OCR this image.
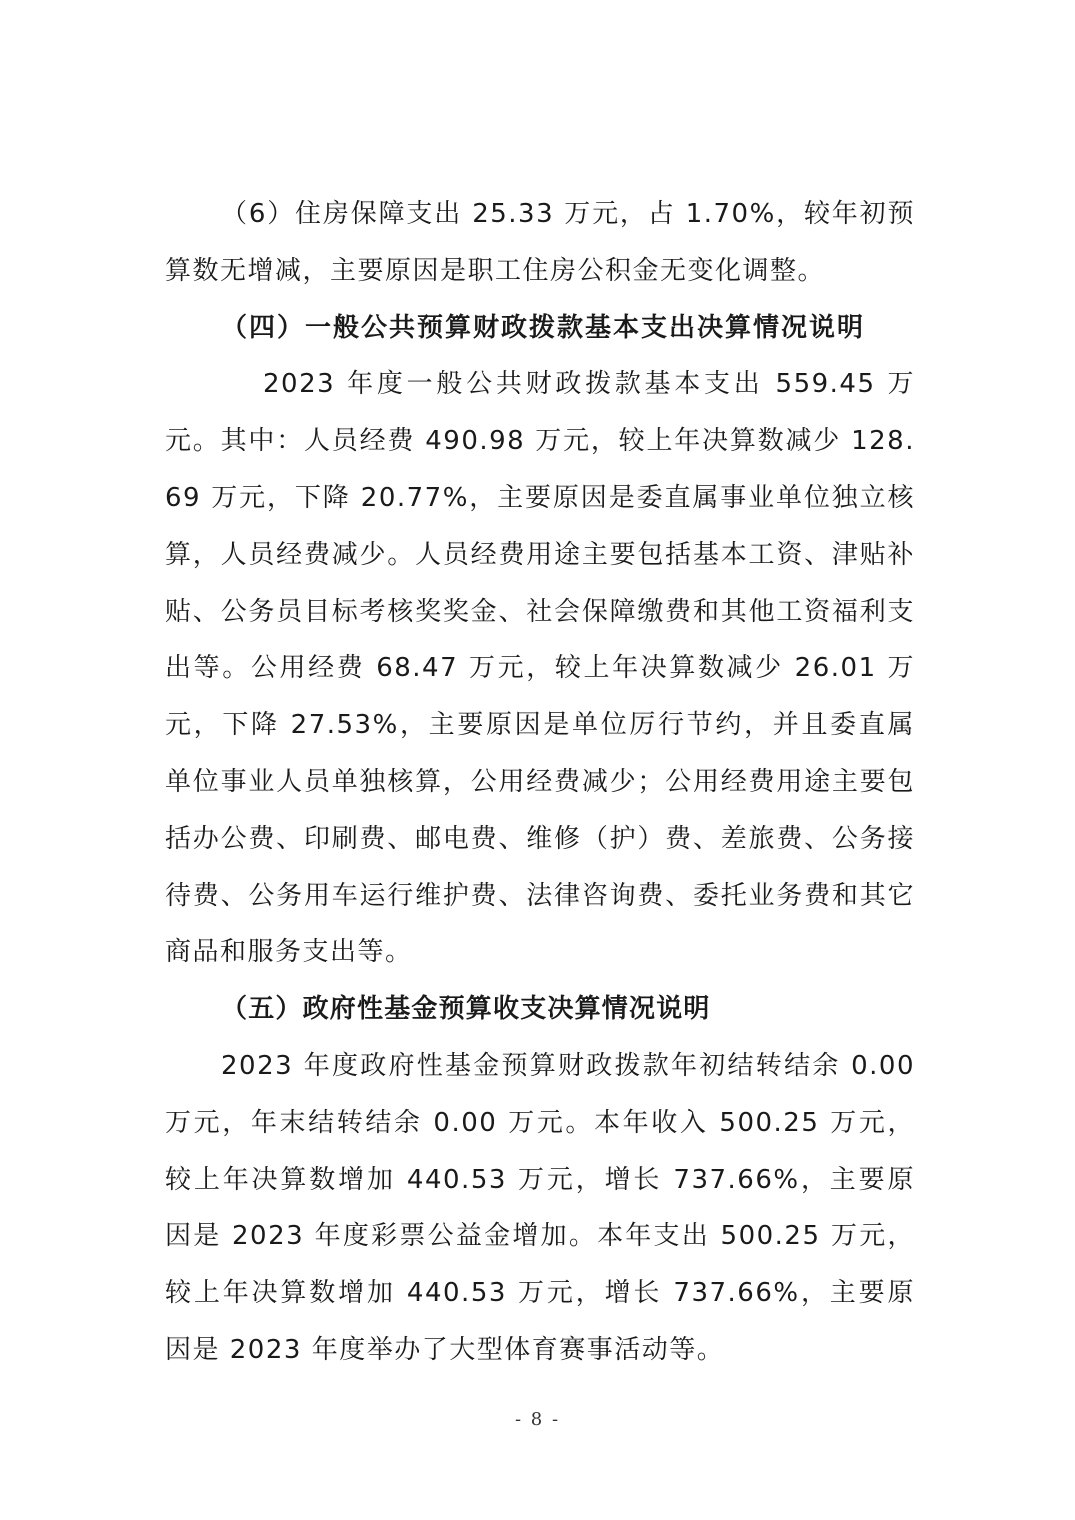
（6）住房保障支出 25.33 万元，占 1.70%，较年初预算数无增减，主要原因是职工住房公积金无变化调整。

（四）一般公共预算财政拨款基本支出决算情况说明

2023 年度一般公共财政拨款基本支出 559.45 万元。其中：人员经费 490.98 万元，较上年决算数减少 128.69 万元，下降 20.77%，主要原因是委直属事业单位独立核算，人员经费减少。人员经费用途主要包括基本工资、津贴补贴、公务员目标考核奖奖金、社会保障缴费和其他工资福利支出等。公用经费 68.47 万元，较上年决算数减少 26.01 万元，下降 27.53%，主要原因是单位厉行节约，并且委直属单位事业人员单独核算，公用经费减少；公用经费用途主要包括办公费、印刷费、邮电费、维修（护）费、差旅费、公务接待费、公务用车运行维护费、法律咨询费、委托业务费和其它商品和服务支出等。

（五）政府性基金预算收支决算情况说明

2023 年度政府性基金预算财政拨款年初结转结余 0.00 万元，年末结转结余 0.00 万元。本年收入 500.25 万元，较上年决算数增加 440.53 万元，增长 737.66%，主要原因是 2023 年度彩票公益金增加。本年支出 500.25 万元，较上年决算数增加 440.53 万元，增长 737.66%，主要原因是 2023 年度举办了大型体育赛事活动等。

- 8 -
